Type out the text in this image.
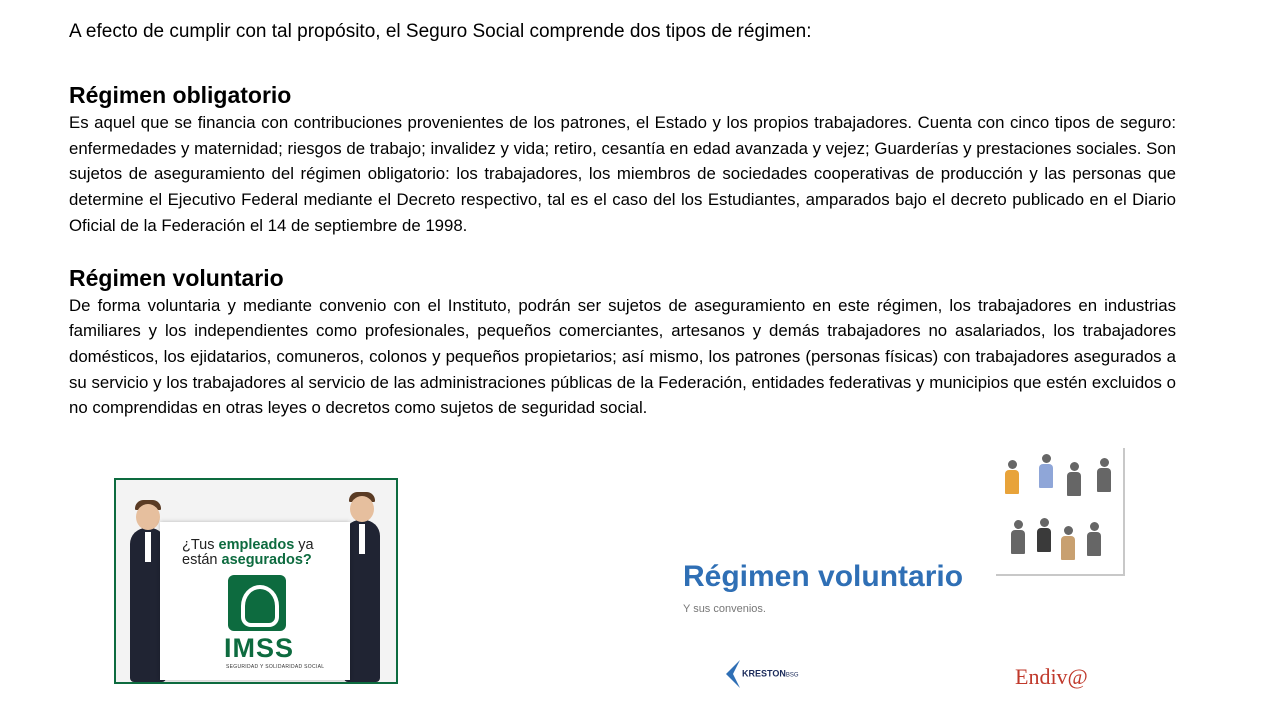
A efecto de cumplir con tal propósito, el Seguro Social comprende dos tipos de régimen:

Régimen obligatorio

Es aquel que se financia con contribuciones provenientes de los patrones, el Estado y los propios trabajadores. Cuenta con cinco tipos de seguro: enfermedades y maternidad; riesgos de trabajo; invalidez y vida; retiro, cesantía en edad avanzada y vejez; Guarderías y prestaciones sociales. Son sujetos de aseguramiento del régimen obligatorio: los trabajadores, los miembros de sociedades cooperativas de producción y las personas que determine el Ejecutivo Federal mediante el Decreto respectivo, tal es el caso del los Estudiantes, amparados bajo el decreto publicado en el Diario Oficial de la Federación el 14 de septiembre de 1998.

Régimen voluntario

De forma voluntaria y mediante convenio con el Instituto, podrán ser sujetos de aseguramiento en este régimen, los trabajadores en industrias familiares y los independientes como profesionales, pequeños comerciantes, artesanos y demás trabajadores no asalariados, los trabajadores domésticos, los ejidatarios, comuneros, colonos y pequeños propietarios; así mismo, los patrones (personas físicas) con trabajadores asegurados a su servicio y los trabajadores al servicio de las administraciones públicas de la Federación, entidades federativas y municipios que estén excluidos o no comprendidas en otras leyes o decretos como sujetos de seguridad social.

¿Tus empleados ya
están asegurados?
IMSS
SEGURIDAD Y SOLIDARIDAD SOCIAL
Régimen voluntario
Y sus convenios.
KRESTONBSG	Endiv@
